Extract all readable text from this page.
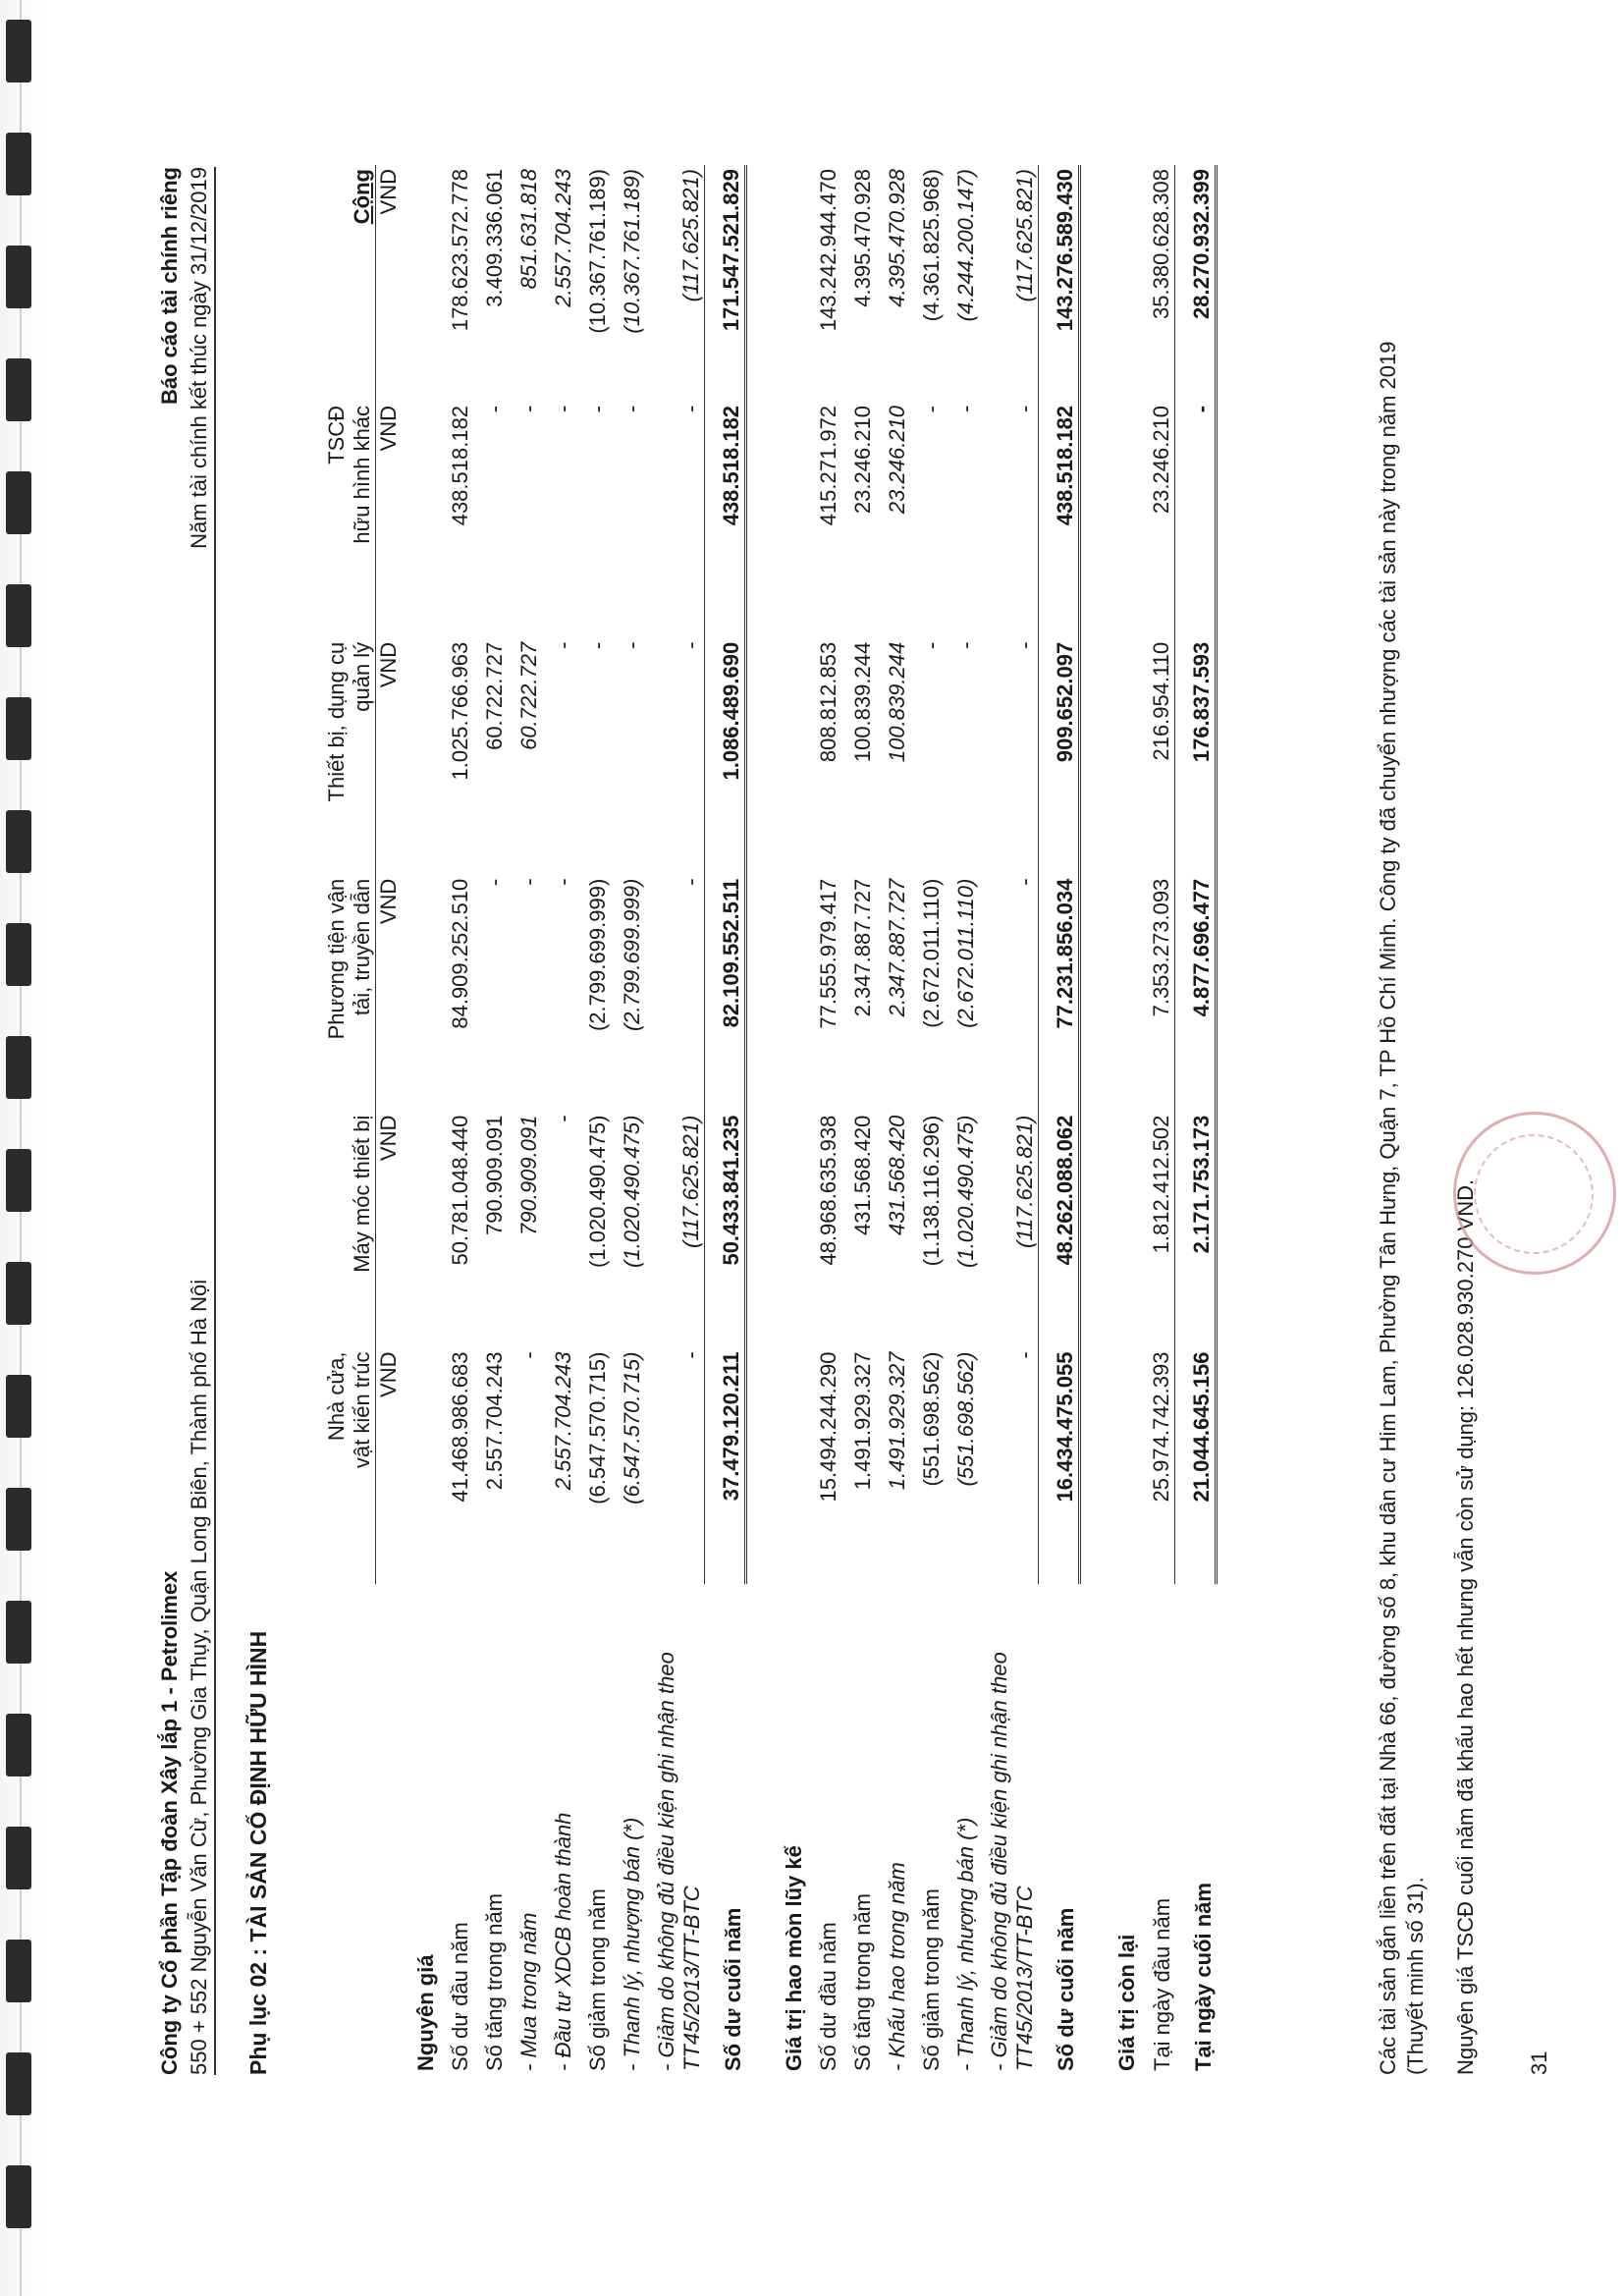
Công ty Cổ phần Tập đoàn Xây lắp 1 - Petrolimex 550 + 552 Nguyễn Văn Cừ, Phường Gia Thụy, Quận Long Biên, Thành phố Hà Nội
Báo cáo tài chính riêng Năm tài chính kết thúc ngày 31/12/2019
Phụ lục 02 : TÀI SẢN CỐ ĐỊNH HỮU HÌNH
	Nhà cửa,		Phương tiện vận	Thiết bị, dụng cụ	TSCĐ	
	vật kiến trúc	Máy móc thiết bị	tải, truyền dẫn	quản lý	hữu hình khác	Cộng
	VND	VND	VND	VND	VND	VND
Nguyên giá						
Số dư đầu năm	41.468.986.683	50.781.048.440	84.909.252.510	1.025.766.963	438.518.182	178.623.572.778
Số tăng trong năm	2.557.704.243	790.909.091	-	60.722.727	-	3.409.336.061
- Mua trong năm	-	790.909.091	-	60.722.727	-	851.631.818
- Đầu tư XDCB hoàn thành	2.557.704.243	-	-	-	-	2.557.704.243
Số giảm trong năm	(6.547.570.715)	(1.020.490.475)	(2.799.699.999)	-	-	(10.367.761.189)
- Thanh lý, nhượng bán (*)	(6.547.570.715)	(1.020.490.475)	(2.799.699.999)	-	-	(10.367.761.189)
- Giảm do không đủ điều kiện ghi nhận theo TT45/2013/TT-BTC	-	(117.625.821)	-	-	-	(117.625.821)
Số dư cuối năm	37.479.120.211	50.433.841.235	82.109.552.511	1.086.489.690	438.518.182	171.547.521.829

Giá trị hao mòn lũy kế						
Số dư đầu năm	15.494.244.290	48.968.635.938	77.555.979.417	808.812.853	415.271.972	143.242.944.470
Số tăng trong năm	1.491.929.327	431.568.420	2.347.887.727	100.839.244	23.246.210	4.395.470.928
- Khấu hao trong năm	1.491.929.327	431.568.420	2.347.887.727	100.839.244	23.246.210	4.395.470.928
Số giảm trong năm	(551.698.562)	(1.138.116.296)	(2.672.011.110)	-	-	(4.361.825.968)
- Thanh lý, nhượng bán (*)	(551.698.562)	(1.020.490.475)	(2.672.011.110)	-	-	(4.244.200.147)
- Giảm do không đủ điều kiện ghi nhận theo TT45/2013/TT-BTC	-	(117.625.821)	-	-	-	(117.625.821)
Số dư cuối năm	16.434.475.055	48.262.088.062	77.231.856.034	909.652.097	438.518.182	143.276.589.430

Giá trị còn lại						
Tại ngày đầu năm	25.974.742.393	1.812.412.502	7.353.273.093	216.954.110	23.246.210	35.380.628.308
Tại ngày cuối năm	21.044.645.156	2.171.753.173	4.877.696.477	176.837.593	-	28.270.932.399
Các tài sản gắn liền trên đất tại Nhà 66, đường số 8, khu dân cư Him Lam, Phường Tân Hưng, Quận 7, TP Hồ Chí Minh. Công ty đã chuyển nhượng các tài sản này trong năm 2019 (Thuyết minh số 31). Nguyên giá TSCĐ cuối năm đã khấu hao hết nhưng vẫn còn sử dụng: 126.028.930.270 VND. 31
